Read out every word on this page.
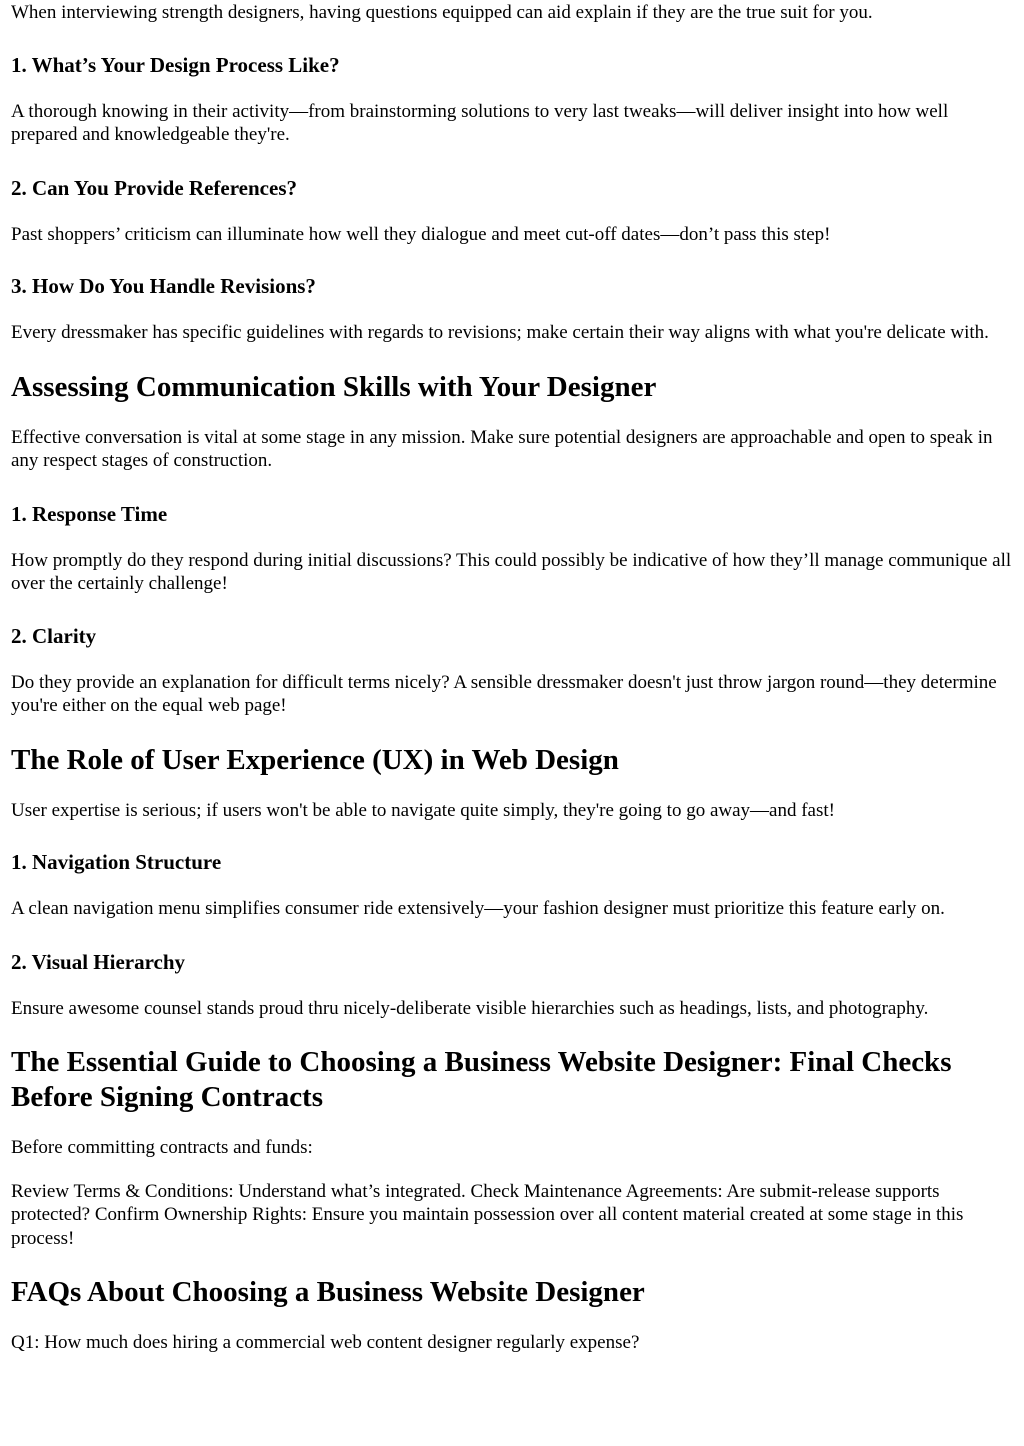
When interviewing strength designers, having questions equipped can aid explain if they are the true suit for you.

1. What’s Your Design Process Like?

A thorough knowing in their activity—from brainstorming solutions to very last tweaks—will deliver insight into how well prepared and knowledgeable they're.

2. Can You Provide References?

Past shoppers’ criticism can illuminate how well they dialogue and meet cut-off dates—don’t pass this step!

3. How Do You Handle Revisions?

Every dressmaker has specific guidelines with regards to revisions; make certain their way aligns with what you're delicate with.

Assessing Communication Skills with Your Designer

Effective conversation is vital at some stage in any mission. Make sure potential designers are approachable and open to speak in any respect stages of construction.

1. Response Time

How promptly do they respond during initial discussions? This could possibly be indicative of how they’ll manage communique all over the certainly challenge!

2. Clarity

Do they provide an explanation for difficult terms nicely? A sensible dressmaker doesn't just throw jargon round—they determine you're either on the equal web page!

The Role of User Experience (UX) in Web Design

User expertise is serious; if users won't be able to navigate quite simply, they're going to go away—and fast!

1. Navigation Structure

A clean navigation menu simplifies consumer ride extensively—your fashion designer must prioritize this feature early on.

2. Visual Hierarchy

Ensure awesome counsel stands proud thru nicely-deliberate visible hierarchies such as headings, lists, and photography.

The Essential Guide to Choosing a Business Website Designer: Final Checks Before Signing Contracts

Before committing contracts and funds:

Review Terms & Conditions: Understand what’s integrated. Check Maintenance Agreements: Are submit-release supports protected? Confirm Ownership Rights: Ensure you maintain possession over all content material created at some stage in this process!

FAQs About Choosing a Business Website Designer

Q1: How much does hiring a commercial web content designer regularly expense?
